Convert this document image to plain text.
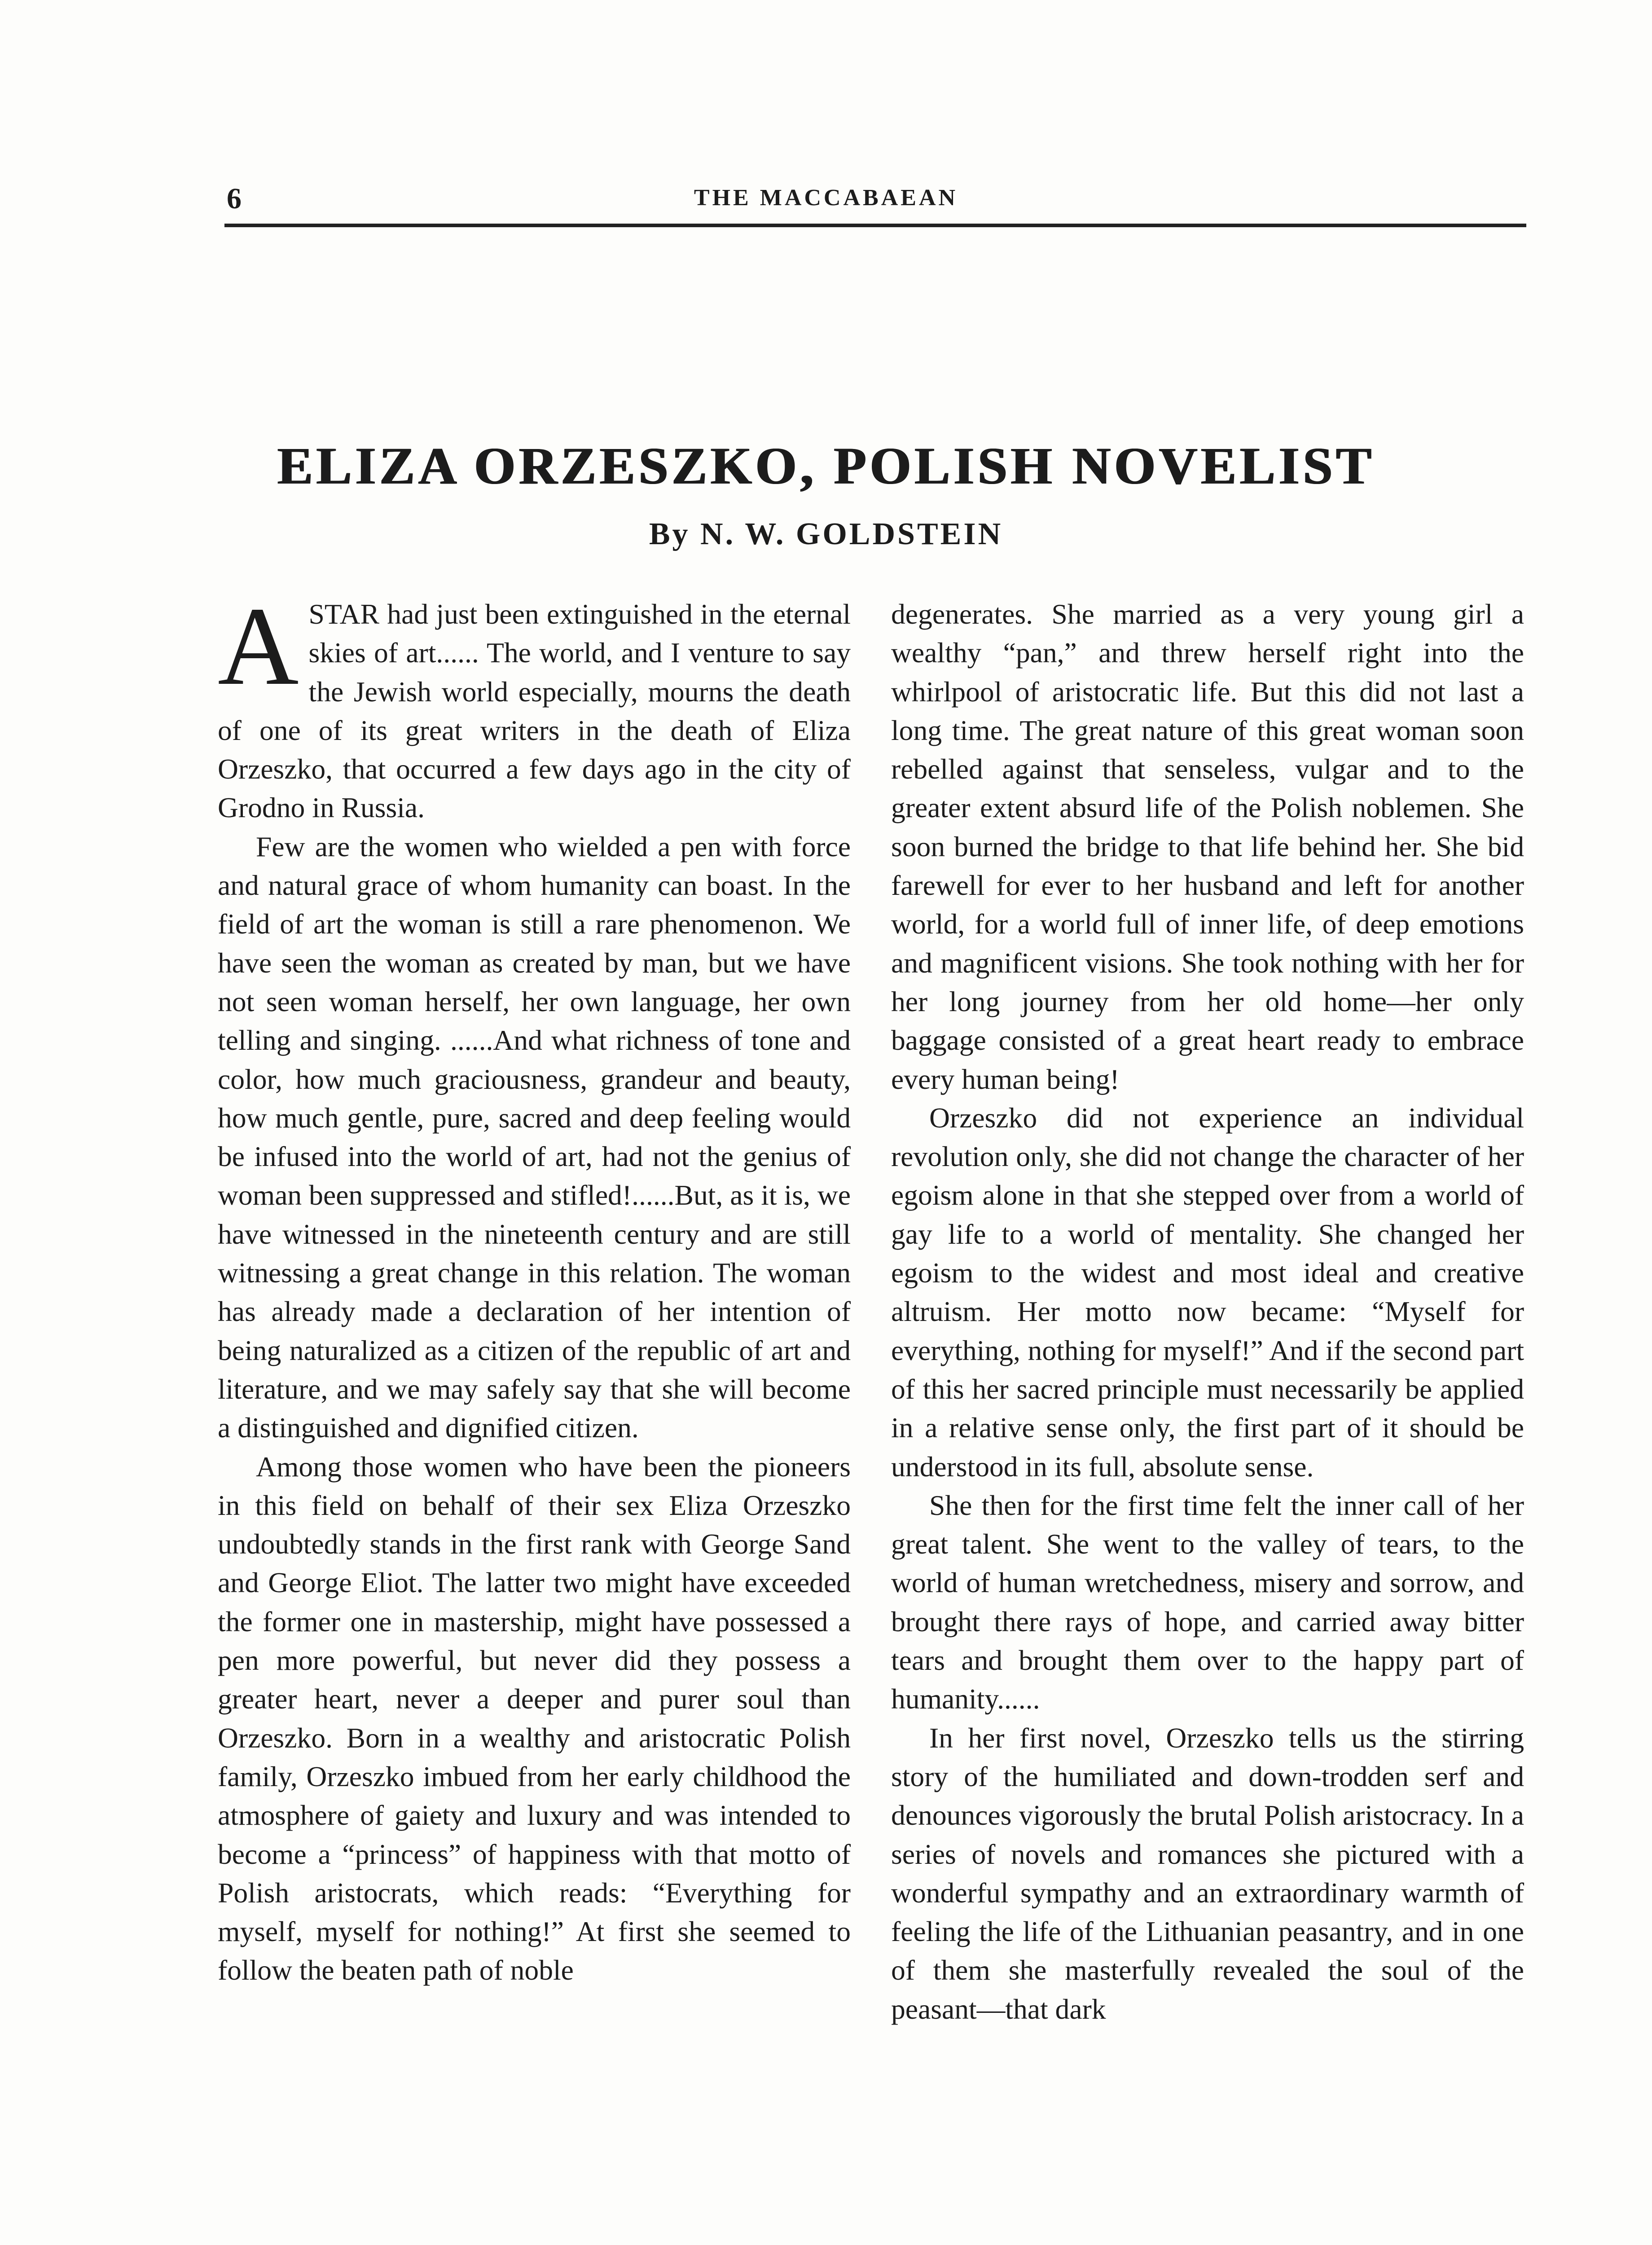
6	THE MACCABAEAN
ELIZA ORZESZKO, POLISH NOVELIST
By N. W. GOLDSTEIN

ASTAR had just been extinguished in the eternal skies of art...... The world, and I venture to say the Jewish world especially, mourns the death of one of its great writers in the death of Eliza Orzeszko, that occurred a few days ago in the city of Grodno in Russia.

Few are the women who wielded a pen with force and natural grace of whom humanity can boast. In the field of art the woman is still a rare phenomenon. We have seen the woman as created by man, but we have not seen woman herself, her own language, her own telling and singing. ......And what richness of tone and color, how much graciousness, grandeur and beauty, how much gentle, pure, sacred and deep feeling would be infused into the world of art, had not the genius of woman been suppressed and stifled!......But, as it is, we have witnessed in the nineteenth century and are still witnessing a great change in this relation. The woman has already made a declaration of her intention of being naturalized as a citizen of the republic of art and literature, and we may safely say that she will become a distinguished and dignified citizen.

Among those women who have been the pioneers in this field on behalf of their sex Eliza Orzeszko undoubtedly stands in the first rank with George Sand and George Eliot. The latter two might have exceeded the former one in mastership, might have possessed a pen more powerful, but never did they possess a greater heart, never a deeper and purer soul than Orzeszko. Born in a wealthy and aristocratic Polish family, Orzeszko imbued from her early childhood the atmosphere of gaiety and luxury and was intended to become a “princess” of happiness with that motto of Polish aristocrats, which reads: “Everything for myself, myself for nothing!” At first she seemed to follow the beaten path of noble

degenerates. She married as a very young girl a wealthy “pan,” and threw herself right into the whirlpool of aristocratic life. But this did not last a long time. The great nature of this great woman soon rebelled against that senseless, vulgar and to the greater extent absurd life of the Polish noblemen. She soon burned the bridge to that life behind her. She bid farewell for ever to her husband and left for another world, for a world full of inner life, of deep emotions and magnificent visions. She took nothing with her for her long journey from her old home—her only baggage consisted of a great heart ready to embrace every human being!

Orzeszko did not experience an individual revolution only, she did not change the character of her egoism alone in that she stepped over from a world of gay life to a world of mentality. She changed her egoism to the widest and most ideal and creative altruism. Her motto now became: “Myself for everything, nothing for myself!” And if the second part of this her sacred principle must necessarily be applied in a relative sense only, the first part of it should be understood in its full, absolute sense.

She then for the first time felt the inner call of her great talent. She went to the valley of tears, to the world of human wretchedness, misery and sorrow, and brought there rays of hope, and carried away bitter tears and brought them over to the happy part of humanity......

In her first novel, Orzeszko tells us the stirring story of the humiliated and down-trodden serf and denounces vigorously the brutal Polish aristocracy. In a series of novels and romances she pictured with a wonderful sympathy and an extraordinary warmth of feeling the life of the Lithuanian peasantry, and in one of them she masterfully revealed the soul of the peasant—that dark
